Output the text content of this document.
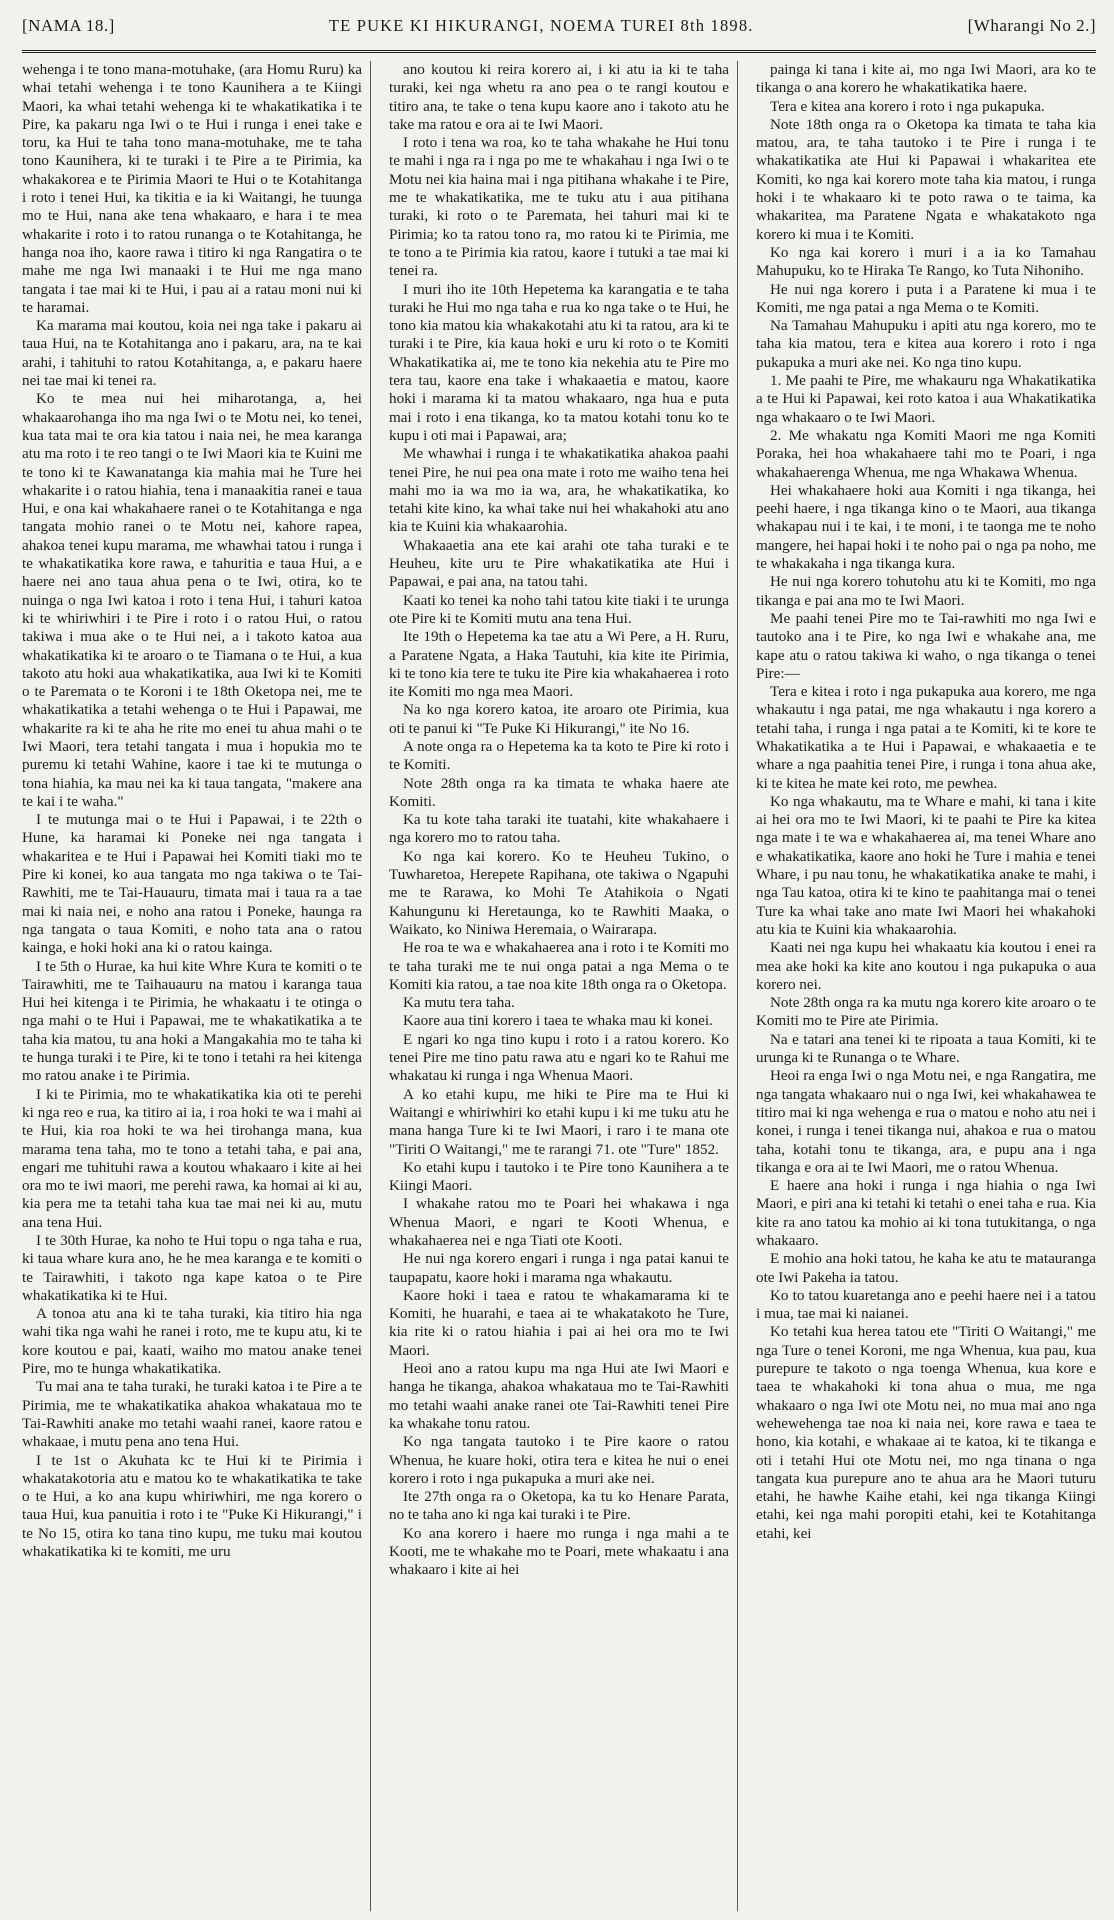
[NAMA 18.]	TE PUKE KI HIKURANGI, NOEMA TUREI 8th 1898.	[Wharangi No 2.]

wehenga i te tono mana-motuhake, (ara Homu Ruru) ka whai tetahi wehenga i te tono Kaunihera a te Kiingi Maori, ka whai tetahi wehenga ki te whakatikatika i te Pire, ka pakaru nga Iwi o te Hui i runga i enei take e toru, ka Hui te taha tono mana-motuhake, me te taha tono Kaunihera, ki te turaki i te Pire a te Pirimia, ka whakakorea e te Pirimia Maori te Hui o te Kotahitanga i roto i tenei Hui, ka tikitia e ia ki Waitangi, he tuunga mo te Hui, nana ake tena whakaaro, e hara i te mea whakarite i roto i to ratou runanga o te Kotahitanga, he hanga noa iho, kaore rawa i titiro ki nga Rangatira o te mahe me nga Iwi manaaki i te Hui me nga mano tangata i tae mai ki te Hui, i pau ai a ratau moni nui ki te haramai.

Ka marama mai koutou, koia nei nga take i pakaru ai taua Hui, na te Kotahitanga ano i pakaru, ara, na te kai arahi, i tahituhi to ratou Kotahitanga, a, e pakaru haere nei tae mai ki tenei ra.

Ko te mea nui hei miharotanga, a, hei whakaarohanga iho ma nga Iwi o te Motu nei, ko tenei, kua tata mai te ora kia tatou i naia nei, he mea karanga atu ma roto i te reo tangi o te Iwi Maori kia te Kuini me te tono ki te Kawanatanga kia mahia mai he Ture hei whakarite i o ratou hiahia, tena i manaakitia ranei e taua Hui, e ona kai whakahaere ranei o te Kotahitanga e nga tangata mohio ranei o te Motu nei, kahore rapea, ahakoa tenei kupu marama, me whawhai tatou i runga i te whakatikatika kore rawa, e tahuritia e taua Hui, a e haere nei ano taua ahua pena o te Iwi, otira, ko te nuinga o nga Iwi katoa i roto i tena Hui, i tahuri katoa ki te whiriwhiri i te Pire i roto i o ratou Hui, o ratou takiwa i mua ake o te Hui nei, a i takoto katoa aua whakatikatika ki te aroaro o te Tiamana o te Hui, a kua takoto atu hoki aua whakatikatika, aua Iwi ki te Komiti o te Paremata o te Koroni i te 18th Oketopa nei, me te whakatikatika a tetahi wehenga o te Hui i Papawai, me whakarite ra ki te aha he rite mo enei tu ahua mahi o te Iwi Maori, tera tetahi tangata i mua i hopukia mo te puremu ki tetahi Wahine, kaore i tae ki te mutunga o tona hiahia, ka mau nei ka ki taua tangata, "makere ana te kai i te waha."

I te mutunga mai o te Hui i Papawai, i te 22th o Hune, ka haramai ki Poneke nei nga tangata i whakaritea e te Hui i Papawai hei Komiti tiaki mo te Pire ki konei, ko aua tangata mo nga takiwa o te Tai-Rawhiti, me te Tai-Hauauru, timata mai i taua ra a tae mai ki naia nei, e noho ana ratou i Poneke, haunga ra nga tangata o taua Komiti, e noho tata ana o ratou kainga, e hoki hoki ana ki o ratou kainga.

I te 5th o Hurae, ka hui kite Whre Kura te komiti o te Tairawhiti, me te Taihauauru na matou i karanga taua Hui hei kitenga i te Pirimia, he whakaatu i te otinga o nga mahi o te Hui i Papawai, me te whakatikatika a te taha kia matou, tu ana hoki a Mangakahia mo te taha ki te hunga turaki i te Pire, ki te tono i tetahi ra hei kitenga mo ratou anake i te Pirimia.

I ki te Pirimia, mo te whakatikatika kia oti te perehi ki nga reo e rua, ka titiro ai ia, i roa hoki te wa i mahi ai te Hui, kia roa hoki te wa hei tirohanga mana, kua marama tena taha, mo te tono a tetahi taha, e pai ana, engari me tuhituhi rawa a koutou whakaaro i kite ai hei ora mo te iwi maori, me perehi rawa, ka homai ai ki au, kia pera me ta tetahi taha kua tae mai nei ki au, mutu ana tena Hui.

I te 30th Hurae, ka noho te Hui topu o nga taha e rua, ki taua whare kura ano, he he mea karanga e te komiti o te Tairawhiti, i takoto nga kape katoa o te Pire whakatikatika ki te Hui.

A tonoa atu ana ki te taha turaki, kia titiro hia nga wahi tika nga wahi he ranei i roto, me te kupu atu, ki te kore koutou e pai, kaati, waiho mo matou anake tenei Pire, mo te hunga whakatikatika.

Tu mai ana te taha turaki, he turaki katoa i te Pire a te Pirimia, me te whakatikatika ahakoa whakataua mo te Tai-Rawhiti anake mo tetahi waahi ranei, kaore ratou e whakaae, i mutu pena ano tena Hui.

I te 1st o Akuhata kc te Hui ki te Pirimia i whakatakotoria atu e matou ko te whakatikatika te take o te Hui, a ko ana kupu whiriwhiri, me nga korero o taua Hui, kua panuitia i roto i te "Puke Ki Hikurangi," i te No 15, otira ko tana tino kupu, me tuku mai koutou whakatikatika ki te komiti, me uru

ano koutou ki reira korero ai, i ki atu ia ki te taha turaki, kei nga whetu ra ano pea o te rangi koutou e titiro ana, te take o tena kupu kaore ano i takoto atu he take ma ratou e ora ai te Iwi Maori.

I roto i tena wa roa, ko te taha whakahe he Hui tonu te mahi i nga ra i nga po me te whakahau i nga Iwi o te Motu nei kia haina mai i nga pitihana whakahe i te Pire, me te whakatikatika, me te tuku atu i aua pitihana turaki, ki roto o te Paremata, hei tahuri mai ki te Pirimia; ko ta ratou tono ra, mo ratou ki te Pirimia, me te tono a te Pirimia kia ratou, kaore i tutuki a tae mai ki tenei ra.

I muri iho ite 10th Hepetema ka karangatia e te taha turaki he Hui mo nga taha e rua ko nga take o te Hui, he tono kia matou kia whakakotahi atu ki ta ratou, ara ki te turaki i te Pire, kia kaua hoki e uru ki roto o te Komiti Whakatikatika ai, me te tono kia nekehia atu te Pire mo tera tau, kaore ena take i whakaaetia e matou, kaore hoki i marama ki ta matou whakaaro, nga hua e puta mai i roto i ena tikanga, ko ta matou kotahi tonu ko te kupu i oti mai i Papawai, ara;

Me whawhai i runga i te whakatikatika ahakoa paahi tenei Pire, he nui pea ona mate i roto me waiho tena hei mahi mo ia wa mo ia wa, ara, he whakatikatika, ko tetahi kite kino, ka whai take nui hei whakahoki atu ano kia te Kuini kia whakaarohia.

Whakaaetia ana ete kai arahi ote taha turaki e te Heuheu, kite uru te Pire whakatikatika ate Hui i Papawai, e pai ana, na tatou tahi.

Kaati ko tenei ka noho tahi tatou kite tiaki i te urunga ote Pire ki te Komiti mutu ana tena Hui.

Ite 19th o Hepetema ka tae atu a Wi Pere, a H. Ruru, a Paratene Ngata, a Haka Tautuhi, kia kite ite Pirimia, ki te tono kia tere te tuku ite Pire kia whakahaerea i roto ite Komiti mo nga mea Maori.

Na ko nga korero katoa, ite aroaro ote Pirimia, kua oti te panui ki "Te Puke Ki Hikurangi," ite No 16.

A note onga ra o Hepetema ka ta koto te Pire ki roto i te Komiti.

Note 28th onga ra ka timata te whaka haere ate Komiti.

Ka tu kote taha taraki ite tuatahi, kite whakahaere i nga korero mo to ratou taha.

Ko nga kai korero. Ko te Heuheu Tukino, o Tuwharetoa, Herepete Rapihana, ote takiwa o Ngapuhi me te Rarawa, ko Mohi Te Atahikoia o Ngati Kahungunu ki Heretaunga, ko te Rawhiti Maaka, o Waikato, ko Niniwa Heremaia, o Wairarapa.

He roa te wa e whakahaerea ana i roto i te Komiti mo te taha turaki me te nui onga patai a nga Mema o te Komiti kia ratou, a tae noa kite 18th onga ra o Oketopa.

Ka mutu tera taha.

Kaore aua tini korero i taea te whaka mau ki konei.

E ngari ko nga tino kupu i roto i a ratou korero. Ko tenei Pire me tino patu rawa atu e ngari ko te Rahui me whakatau ki runga i nga Whenua Maori.

A ko etahi kupu, me hiki te Pire ma te Hui ki Waitangi e whiriwhiri ko etahi kupu i ki me tuku atu he mana hanga Ture ki te Iwi Maori, i raro i te mana ote "Tiriti O Waitangi," me te rarangi 71. ote "Ture" 1852.

Ko etahi kupu i tautoko i te Pire tono Kaunihera a te Kiingi Maori.

I whakahe ratou mo te Poari hei whakawa i nga Whenua Maori, e ngari te Kooti Whenua, e whakahaerea nei e nga Tiati ote Kooti.

He nui nga korero engari i runga i nga patai kanui te taupapatu, kaore hoki i marama nga whakautu.

Kaore hoki i taea e ratou te whakamarama ki te Komiti, he huarahi, e taea ai te whakatakoto he Ture, kia rite ki o ratou hiahia i pai ai hei ora mo te Iwi Maori.

Heoi ano a ratou kupu ma nga Hui ate Iwi Maori e hanga he tikanga, ahakoa whakataua mo te Tai-Rawhiti mo tetahi waahi anake ranei ote Tai-Rawhiti tenei Pire ka whakahe tonu ratou.

Ko nga tangata tautoko i te Pire kaore o ratou Whenua, he kuare hoki, otira tera e kitea he nui o enei korero i roto i nga pukapuka a muri ake nei.

Ite 27th onga ra o Oketopa, ka tu ko Henare Parata, no te taha ano ki nga kai turaki i te Pire.

Ko ana korero i haere mo runga i nga mahi a te Kooti, me te whakahe mo te Poari, mete whakaatu i ana whakaaro i kite ai hei

painga ki tana i kite ai, mo nga Iwi Maori, ara ko te tikanga o ana korero he whakatikatika haere.

Tera e kitea ana korero i roto i nga pukapuka.

Note 18th onga ra o Oketopa ka timata te taha kia matou, ara, te taha tautoko i te Pire i runga i te whakatikatika ate Hui ki Papawai i whakaritea ete Komiti, ko nga kai korero mote taha kia matou, i runga hoki i te whakaaro ki te poto rawa o te taima, ka whakaritea, ma Paratene Ngata e whakatakoto nga korero ki mua i te Komiti.

Ko nga kai korero i muri i a ia ko Tamahau Mahupuku, ko te Hiraka Te Rango, ko Tuta Nihoniho.

He nui nga korero i puta i a Paratene ki mua i te Komiti, me nga patai a nga Mema o te Komiti.

Na Tamahau Mahupuku i apiti atu nga korero, mo te taha kia matou, tera e kitea aua korero i roto i nga pukapuka a muri ake nei. Ko nga tino kupu.

1. Me paahi te Pire, me whakauru nga Whakatikatika a te Hui ki Papawai, kei roto katoa i aua Whakatikatika nga whakaaro o te Iwi Maori.

2. Me whakatu nga Komiti Maori me nga Komiti Poraka, hei hoa whakahaere tahi mo te Poari, i nga whakahaerenga Whenua, me nga Whakawa Whenua.

Hei whakahaere hoki aua Komiti i nga tikanga, hei peehi haere, i nga tikanga kino o te Maori, aua tikanga whakapau nui i te kai, i te moni, i te taonga me te noho mangere, hei hapai hoki i te noho pai o nga pa noho, me te whakakaha i nga tikanga kura.

He nui nga korero tohutohu atu ki te Komiti, mo nga tikanga e pai ana mo te Iwi Maori.

Me paahi tenei Pire mo te Tai-rawhiti mo nga Iwi e tautoko ana i te Pire, ko nga Iwi e whakahe ana, me kape atu o ratou takiwa ki waho, o nga tikanga o tenei Pire:—

Tera e kitea i roto i nga pukapuka aua korero, me nga whakautu i nga patai, me nga whakautu i nga korero a tetahi taha, i runga i nga patai a te Komiti, ki te kore te Whakatikatika a te Hui i Papawai, e whakaaetia e te whare a nga paahitia tenei Pire, i runga i tona ahua ake, ki te kitea he mate kei roto, me pewhea.

Ko nga whakautu, ma te Whare e mahi, ki tana i kite ai hei ora mo te Iwi Maori, ki te paahi te Pire ka kitea nga mate i te wa e whakahaerea ai, ma tenei Whare ano e whakatikatika, kaore ano hoki he Ture i mahia e tenei Whare, i pu nau tonu, he whakatikatika anake te mahi, i nga Tau katoa, otira ki te kino te paahitanga mai o tenei Ture ka whai take ano mate Iwi Maori hei whakahoki atu kia te Kuini kia whakaarohia.

Kaati nei nga kupu hei whakaatu kia koutou i enei ra mea ake hoki ka kite ano koutou i nga pukapuka o aua korero nei.

Note 28th onga ra ka mutu nga korero kite aroaro o te Komiti mo te Pire ate Pirimia.

Na e tatari ana tenei ki te ripoata a taua Komiti, ki te urunga ki te Runanga o te Whare.

Heoi ra enga Iwi o nga Motu nei, e nga Rangatira, me nga tangata whakaaro nui o nga Iwi, kei whakahawea te titiro mai ki nga wehenga e rua o matou e noho atu nei i konei, i runga i tenei tikanga nui, ahakoa e rua o matou taha, kotahi tonu te tikanga, ara, e pupu ana i nga tikanga e ora ai te Iwi Maori, me o ratou Whenua.

E haere ana hoki i runga i nga hiahia o nga Iwi Maori, e piri ana ki tetahi ki tetahi o enei taha e rua. Kia kite ra ano tatou ka mohio ai ki tona tutukitanga, o nga whakaaro.

E mohio ana hoki tatou, he kaha ke atu te matauranga ote Iwi Pakeha ia tatou.

Ko to tatou kuaretanga ano e peehi haere nei i a tatou i mua, tae mai ki naianei.

Ko tetahi kua herea tatou ete "Tiriti O Waitangi," me nga Ture o tenei Koroni, me nga Whenua, kua pau, kua purepure te takoto o nga toenga Whenua, kua kore e taea te whakahoki ki tona ahua o mua, me nga whakaaro o nga Iwi ote Motu nei, no mua mai ano nga wehewehenga tae noa ki naia nei, kore rawa e taea te hono, kia kotahi, e whakaae ai te katoa, ki te tikanga e oti i tetahi Hui ote Motu nei, mo nga tinana o nga tangata kua purepure ano te ahua ara he Maori tuturu etahi, he hawhe Kaihe etahi, kei nga tikanga Kiingi etahi, kei nga mahi poropiti etahi, kei te Kotahitanga etahi, kei
